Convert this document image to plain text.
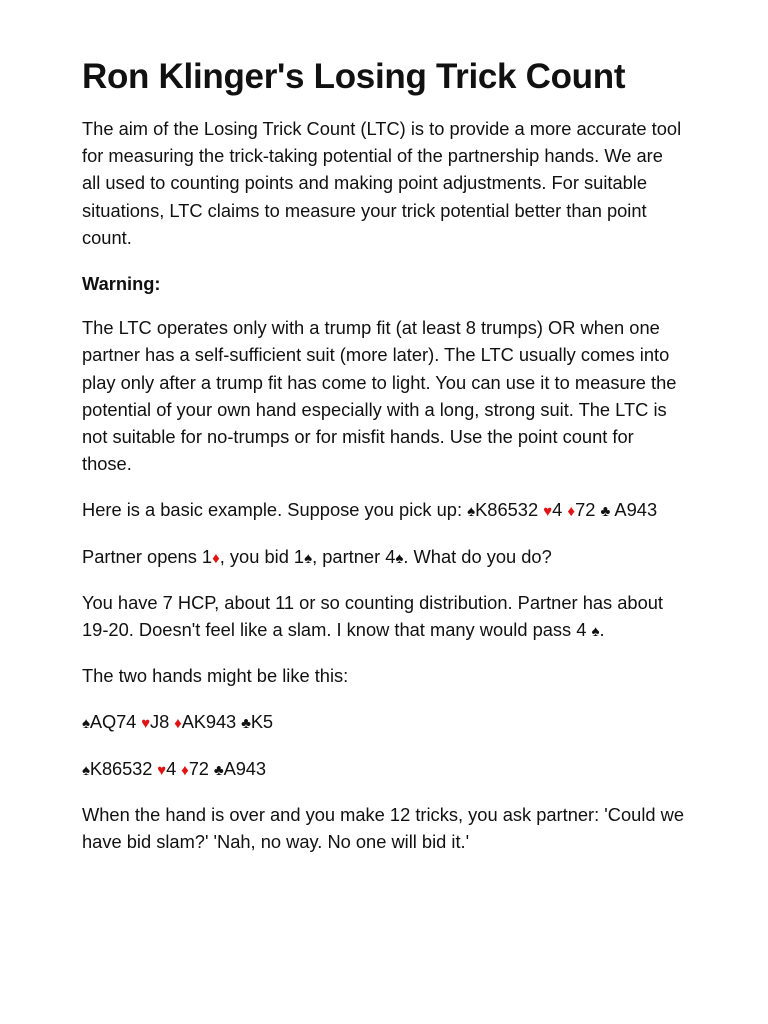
Ron Klinger's Losing Trick Count

The aim of the Losing Trick Count (LTC) is to provide a more accurate tool for measuring the trick-taking potential of the partnership hands. We are all used to counting points and making point adjustments. For suitable situations, LTC claims to measure your trick potential better than point count.

Warning:

The LTC operates only with a trump fit (at least 8 trumps) OR when one partner has a self-sufficient suit (more later). The LTC usually comes into play only after a trump fit has come to light. You can use it to measure the potential of your own hand especially with a long, strong suit. The LTC is not suitable for no-trumps or for misfit hands. Use the point count for those.

Here is a basic example. Suppose you pick up: ♠K86532 ♥4 ♦72 ♣ A943

Partner opens 1♦, you bid 1♠, partner 4♠. What do you do?

You have 7 HCP, about 11 or so counting distribution. Partner has about 19-20. Doesn't feel like a slam. I know that many would pass 4 ♠.

The two hands might be like this:

♠AQ74 ♥J8 ♦AK943 ♣K5

♠K86532 ♥4 ♦72 ♣A943

When the hand is over and you make 12 tricks, you ask partner: 'Could we have bid slam?' 'Nah, no way. No one will bid it.'
